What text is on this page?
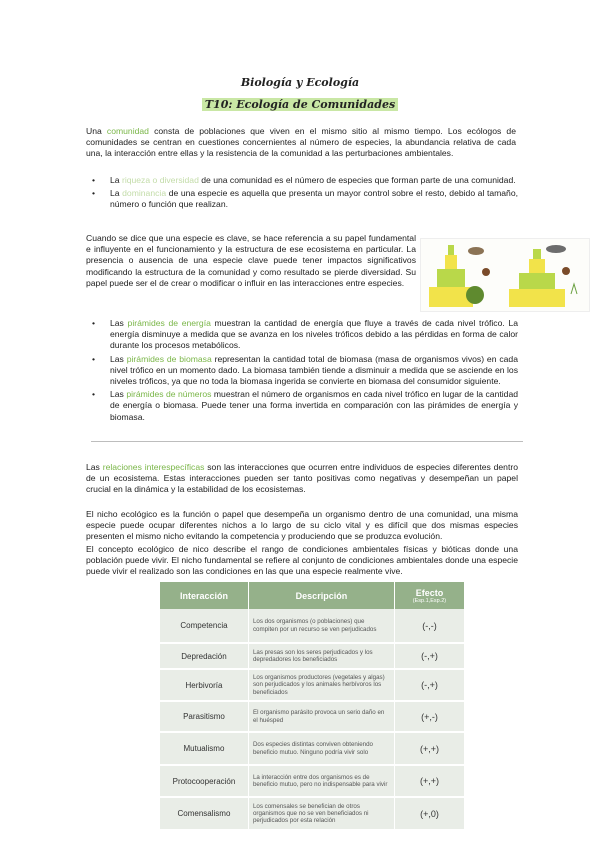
Biología y Ecología
T10: Ecología de Comunidades
Una comunidad consta de poblaciones que viven en el mismo sitio al mismo tiempo. Los ecólogos de comunidades se centran en cuestiones concernientes al número de especies, la abundancia relativa de cada una, la interacción entre ellas y la resistencia de la comunidad a las perturbaciones ambientales.
• La riqueza o diversidad de una comunidad es el número de especies que forman parte de una comunidad.
• La dominancia de una especie es aquella que presenta un mayor control sobre el resto, debido al tamaño, número o función que realizan.
Cuando se dice que una especie es clave, se hace referencia a su papel fundamental e influyente en el funcionamiento y la estructura de ese ecosistema en particular. La presencia o ausencia de una especie clave puede tener impactos significativos modificando la estructura de la comunidad y como resultado se pierde diversidad. Su papel puede ser el de crear o modificar o influir en las interacciones entre especies.
• Las pirámides de energía muestran la cantidad de energía que fluye a través de cada nivel trófico. La energía disminuye a medida que se avanza en los niveles tróficos debido a las pérdidas en forma de calor durante los procesos metabólicos.
• Las pirámides de biomasa representan la cantidad total de biomasa (masa de organismos vivos) en cada nivel trófico en un momento dado. La biomasa también tiende a disminuir a medida que se asciende en los niveles tróficos, ya que no toda la biomasa ingerida se convierte en biomasa del consumidor siguiente.
• Las pirámides de números muestran el número de organismos en cada nivel trófico en lugar de la cantidad de energía o biomasa. Puede tener una forma invertida en comparación con las pirámides de energía y biomasa.
Las relaciones interespecíficas son las interacciones que ocurren entre individuos de especies diferentes dentro de un ecosistema. Estas interacciones pueden ser tanto positivas como negativas y desempeñan un papel crucial en la dinámica y la estabilidad de los ecosistemas.
El nicho ecológico es la función o papel que desempeña un organismo dentro de una comunidad, una misma especie puede ocupar diferentes nichos a lo largo de su ciclo vital y es difícil que dos mismas especies presenten el mismo nicho evitando la competencia y produciendo que se produzca evolución.
El concepto ecológico de nico describe el rango de condiciones ambientales físicas y bióticas donde una población puede vivir. El nicho fundamental se refiere al conjunto de condiciones ambientales donde una especie puede vivir el realizado son las condiciones en las que una especie realmente vive.
Interacción	Descripción	Efecto
(Esp.1,Esp.2)

Competencia	Los dos organismos (o poblaciones) que compiten por un recurso se ven perjudicados	(-,-)
Depredación	Las presas son los seres perjudicados y los depredadores los beneficiados	(-,+)
Herbivoría	Los organismos productores (vegetales y algas) son perjudicados y los animales herbívoros los beneficiados	(-,+)
Parasitismo	El organismo parásito provoca un serio daño en el huésped	(+,-)
Mutualismo	Dos especies distintas conviven obteniendo beneficio mutuo. Ninguno podría vivir solo	(+,+)
Protocooperación	La interacción entre dos organismos es de beneficio mutuo, pero no indispensable para vivir	(+,+)
Comensalismo	Los comensales se benefician de otros organismos que no se ven beneficiados ni perjudicados por esta relación	(+,0)
